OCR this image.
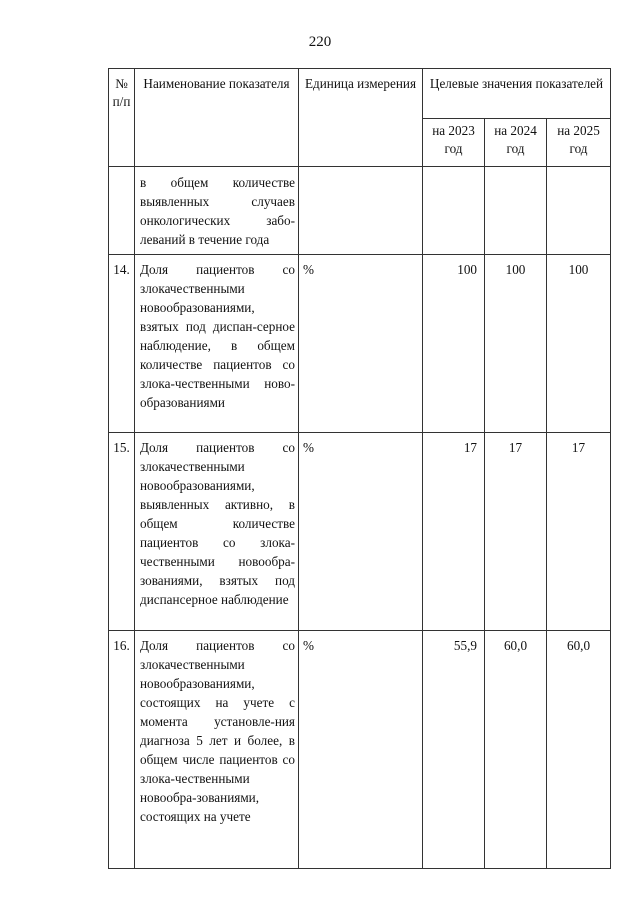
220
№ п/п	Наименование показателя	Единица измерения	Целевые значения показателей		
			на 2023 год	на 2024 год	на 2025 год
	в общем количестве выявленных случаев онкологических забо-леваний в течение года				
14.	Доля пациентов со злокачественными новообразованиями, взятых под диспан-серное наблюдение, в общем количестве пациентов со злока-чественными ново-образованиями	%	100	100	100
15.	Доля пациентов со злокачественными новообразованиями, выявленных активно, в общем количестве пациентов со злока-чественными новообра-зованиями, взятых под диспансерное наблюдение	%	17	17	17
16.	Доля пациентов со злокачественными новообразованиями, состоящих на учете с момента установле-ния диагноза 5 лет и более, в общем числе пациентов со злока-чественными новообра-зованиями, состоящих на учете	%	55,9	60,0	60,0
